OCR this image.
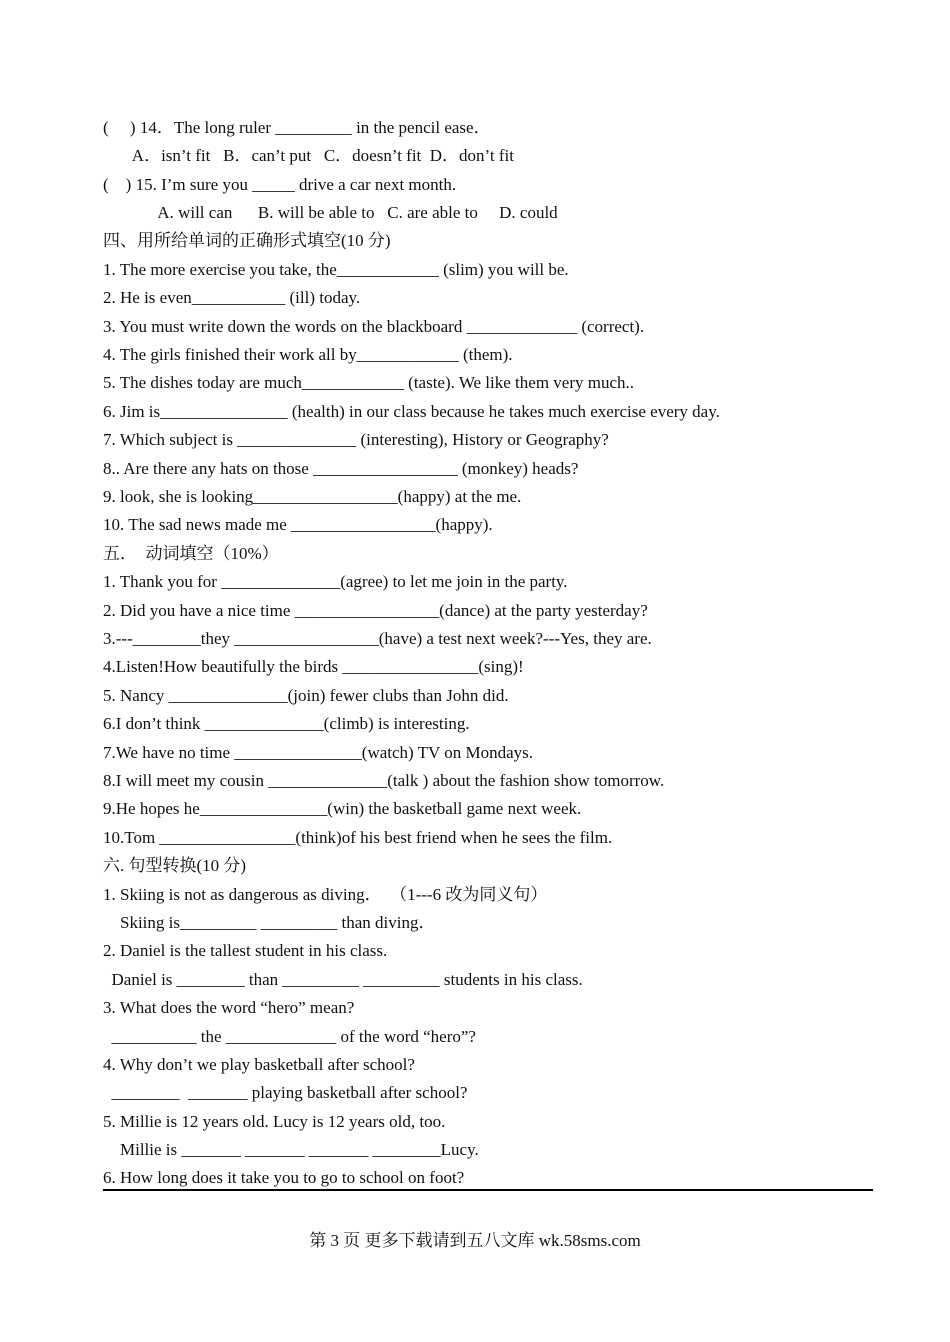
(     ) 14．The long ruler _________ in the pencil ease．
A．isn’t fit   B．can’t put   C．doesn’t fit  D．don’t fit
(    ) 15. I’m sure you _____ drive a car next month.
A. will can      B. will be able to   C. are able to     D. could
四、用所给单词的正确形式填空(10 分)
1. The more exercise you take, the____________ (slim) you will be.
2. He is even___________ (ill) today.
3. You must write down the words on the blackboard _____________ (correct).
4. The girls finished their work all by____________ (them).
5. The dishes today are much____________ (taste). We like them very much..
6. Jim is_______________ (health) in our class because he takes much exercise every day.
7. Which subject is ______________ (interesting), History or Geography?
8.. Are there any hats on those _________________ (monkey) heads?
9. look, she is looking_________________(happy) at the me.
10. The sad news made me _________________(happy).
五．  动词填空（10%）
1. Thank you for ______________(agree) to let me join in the party.
2. Did you have a nice time _________________(dance) at the party yesterday?
3.---________they _________________(have) a test next week?---Yes, they are.
4.Listen!How beautifully the birds ________________(sing)!
5. Nancy ______________(join) fewer clubs than John did.
6.I don’t think ______________(climb) is interesting.
7.We have no time _______________(watch) TV on Mondays.
8.I will meet my cousin ______________(talk ) about the fashion show tomorrow.
9.He hopes he_______________(win) the basketball game next week.
10.Tom ________________(think)of his best friend when he sees the film.
六. 句型转换(10 分)
1. Skiing is not as dangerous as diving．  （1---6 改为同义句）
Skiing is_________ _________ than diving．
2. Daniel is the tallest student in his class.
Daniel is ________ than _________ _________ students in his class.
3. What does the word “hero” mean?
__________ the _____________ of the word “hero”?
4. Why don’t we play basketball after school?
________  _______ playing basketball after school?
5. Millie is 12 years old. Lucy is 12 years old, too.
Millie is _______ _______ _______ ________Lucy.
6. How long does it take you to go to school on foot?
第 3 页 更多下载请到五八文库 wk.58sms.com
